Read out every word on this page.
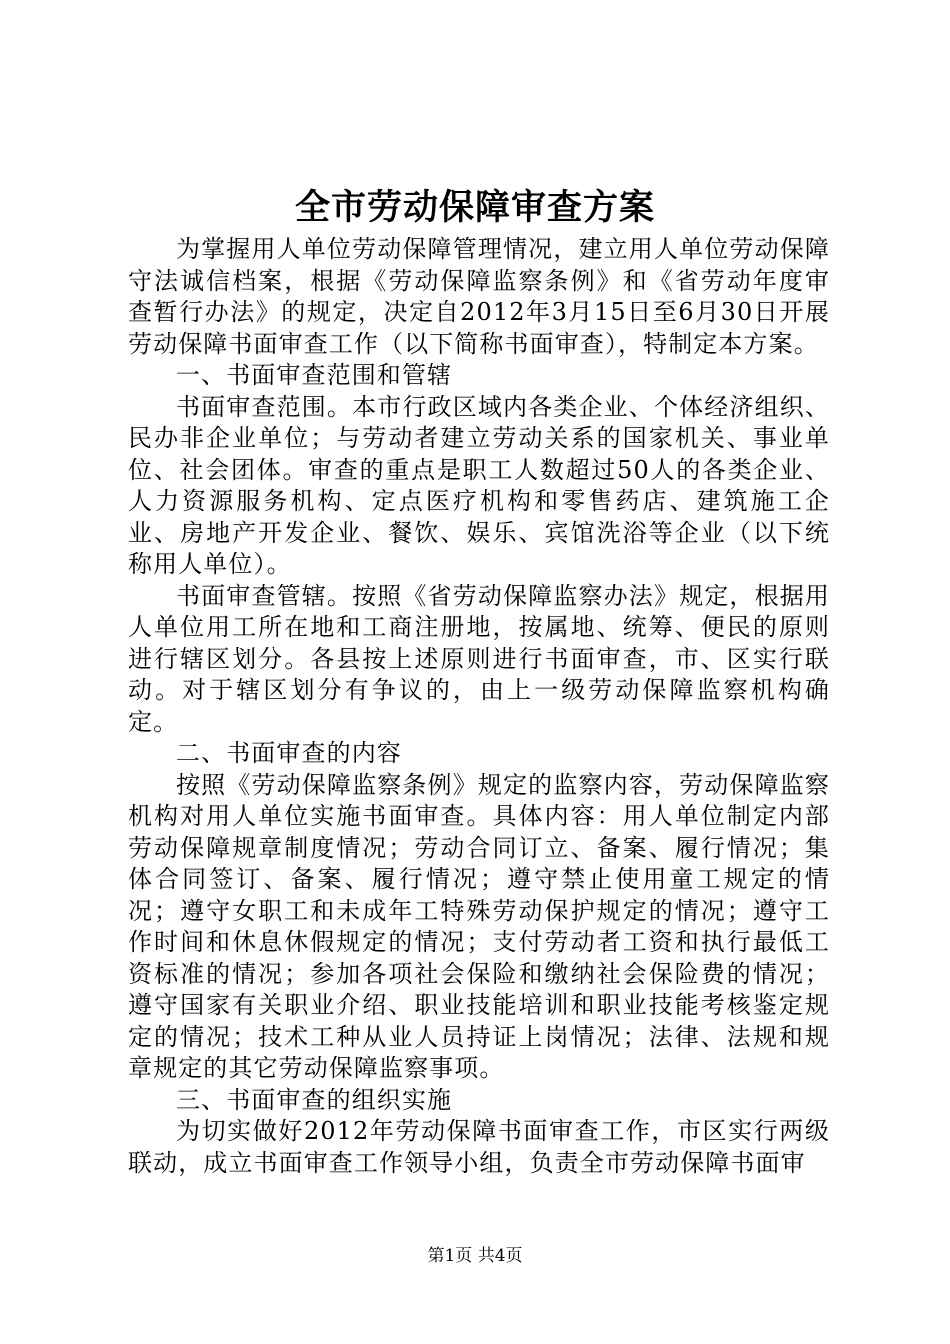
全市劳动保障审查方案

为掌握用人单位劳动保障管理情况，建立用人单位劳动保障守法诚信档案，根据《劳动保障监察条例》和《省劳动年度审查暂行办法》的规定，决定自2012年3月15日至6月30日开展劳动保障书面审查工作（以下简称书面审查），特制定本方案。

一、书面审查范围和管辖

书面审查范围。本市行政区域内各类企业、个体经济组织、民办非企业单位；与劳动者建立劳动关系的国家机关、事业单位、社会团体。审查的重点是职工人数超过50人的各类企业、人力资源服务机构、定点医疗机构和零售药店、建筑施工企业、房地产开发企业、餐饮、娱乐、宾馆洗浴等企业（以下统称用人单位）。

书面审查管辖。按照《省劳动保障监察办法》规定，根据用人单位用工所在地和工商注册地，按属地、统筹、便民的原则进行辖区划分。各县按上述原则进行书面审查，市、区实行联动。对于辖区划分有争议的，由上一级劳动保障监察机构确定。

二、书面审查的内容

按照《劳动保障监察条例》规定的监察内容，劳动保障监察机构对用人单位实施书面审查。具体内容：用人单位制定内部劳动保障规章制度情况；劳动合同订立、备案、履行情况；集体合同签订、备案、履行情况；遵守禁止使用童工规定的情况；遵守女职工和未成年工特殊劳动保护规定的情况；遵守工作时间和休息休假规定的情况；支付劳动者工资和执行最低工资标准的情况；参加各项社会保险和缴纳社会保险费的情况；遵守国家有关职业介绍、职业技能培训和职业技能考核鉴定规定的情况；技术工种从业人员持证上岗情况；法律、法规和规章规定的其它劳动保障监察事项。

三、书面审查的组织实施

为切实做好2012年劳动保障书面审查工作，市区实行两级联动，成立书面审查工作领导小组，负责全市劳动保障书面审

第1页 共4页
